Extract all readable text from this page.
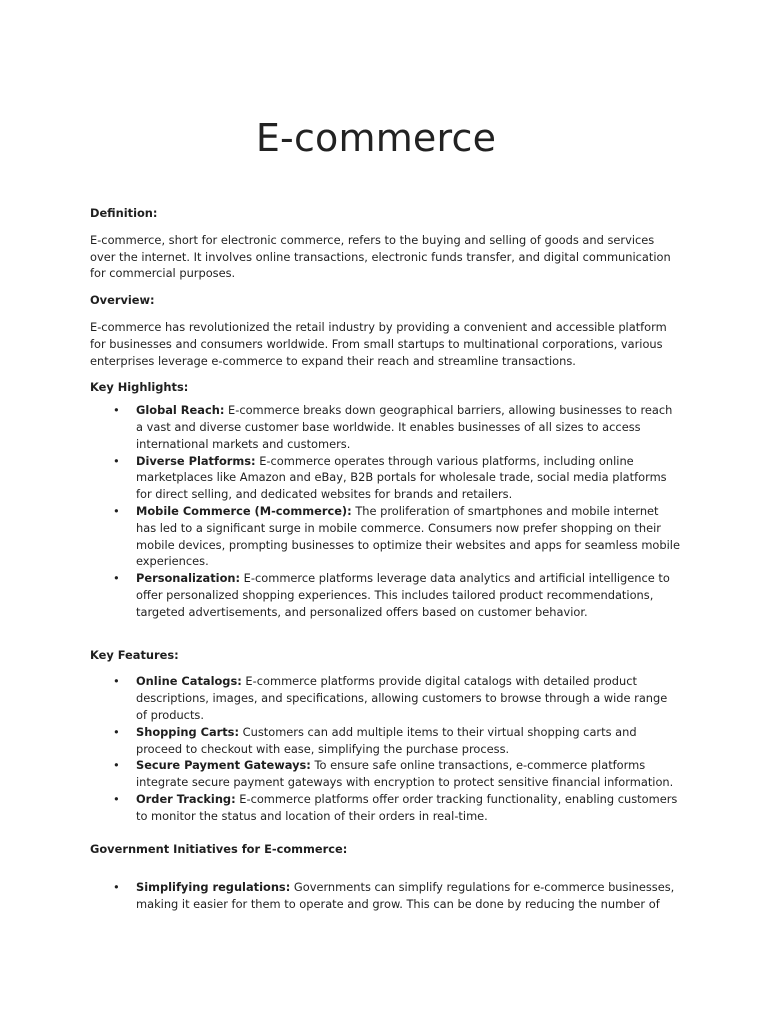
E-commerce
Definition:

E-commerce, short for electronic commerce, refers to the buying and selling of goods and services over the internet. It involves online transactions, electronic funds transfer, and digital communication for commercial purposes.

Overview:

E-commerce has revolutionized the retail industry by providing a convenient and accessible platform for businesses and consumers worldwide. From small startups to multinational corporations, various enterprises leverage e-commerce to expand their reach and streamline transactions.

Key Highlights:
• Global Reach: E-commerce breaks down geographical barriers, allowing businesses to reach a vast and diverse customer base worldwide. It enables businesses of all sizes to access international markets and customers.
• Diverse Platforms: E-commerce operates through various platforms, including online marketplaces like Amazon and eBay, B2B portals for wholesale trade, social media platforms for direct selling, and dedicated websites for brands and retailers.
• Mobile Commerce (M-commerce): The proliferation of smartphones and mobile internet has led to a significant surge in mobile commerce. Consumers now prefer shopping on their mobile devices, prompting businesses to optimize their websites and apps for seamless mobile experiences.
• Personalization: E-commerce platforms leverage data analytics and artificial intelligence to offer personalized shopping experiences. This includes tailored product recommendations, targeted advertisements, and personalized offers based on customer behavior.
Key Features:
• Online Catalogs: E-commerce platforms provide digital catalogs with detailed product descriptions, images, and specifications, allowing customers to browse through a wide range of products.
• Shopping Carts: Customers can add multiple items to their virtual shopping carts and proceed to checkout with ease, simplifying the purchase process.
• Secure Payment Gateways: To ensure safe online transactions, e-commerce platforms integrate secure payment gateways with encryption to protect sensitive financial information.
• Order Tracking: E-commerce platforms offer order tracking functionality, enabling customers to monitor the status and location of their orders in real-time.
Government Initiatives for E-commerce:
• Simplifying regulations: Governments can simplify regulations for e-commerce businesses, making it easier for them to operate and grow. This can be done by reducing the number of
